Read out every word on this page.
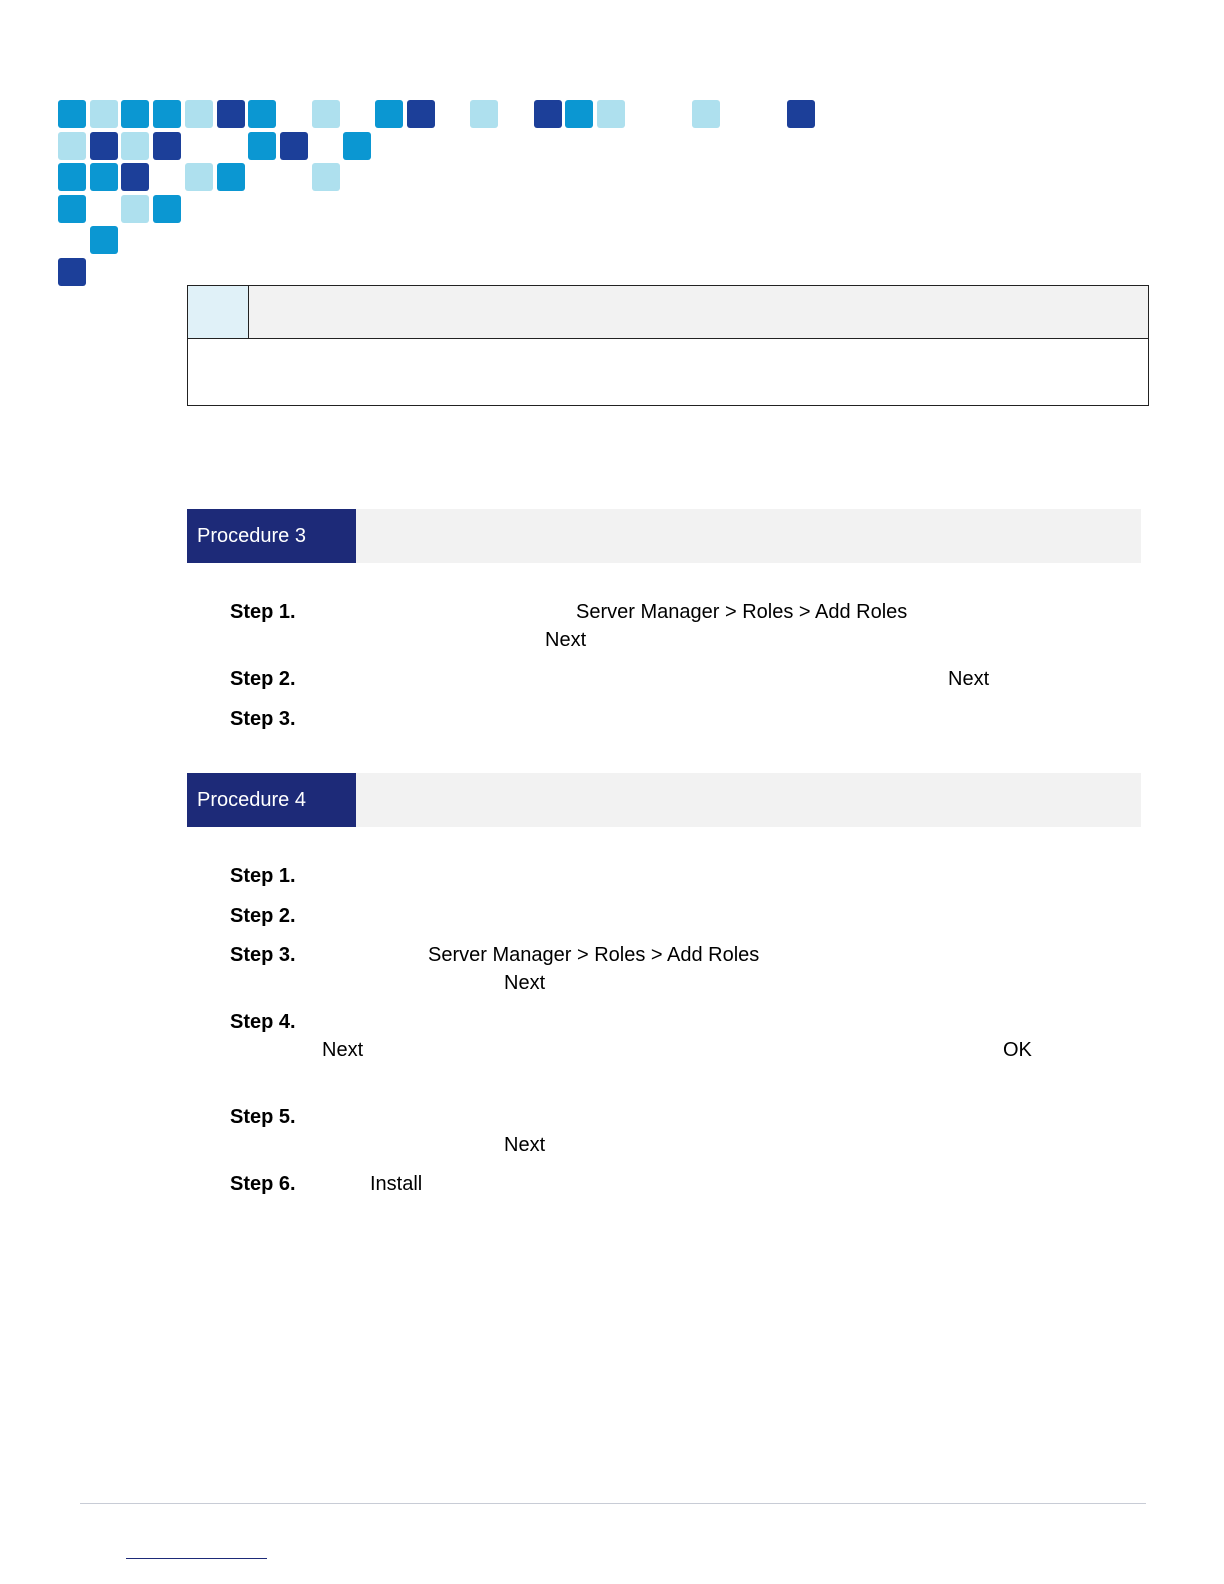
Procedure 3
Step 1.	Server Manager > Roles > Add Roles
Next
Step 2.	Next
Step 3.
Procedure 4
Step 1.
Step 2.
Step 3.	Server Manager > Roles > Add Roles
Next
Step 4.
Next	OK
Step 5.
Next
Step 6.	Install
